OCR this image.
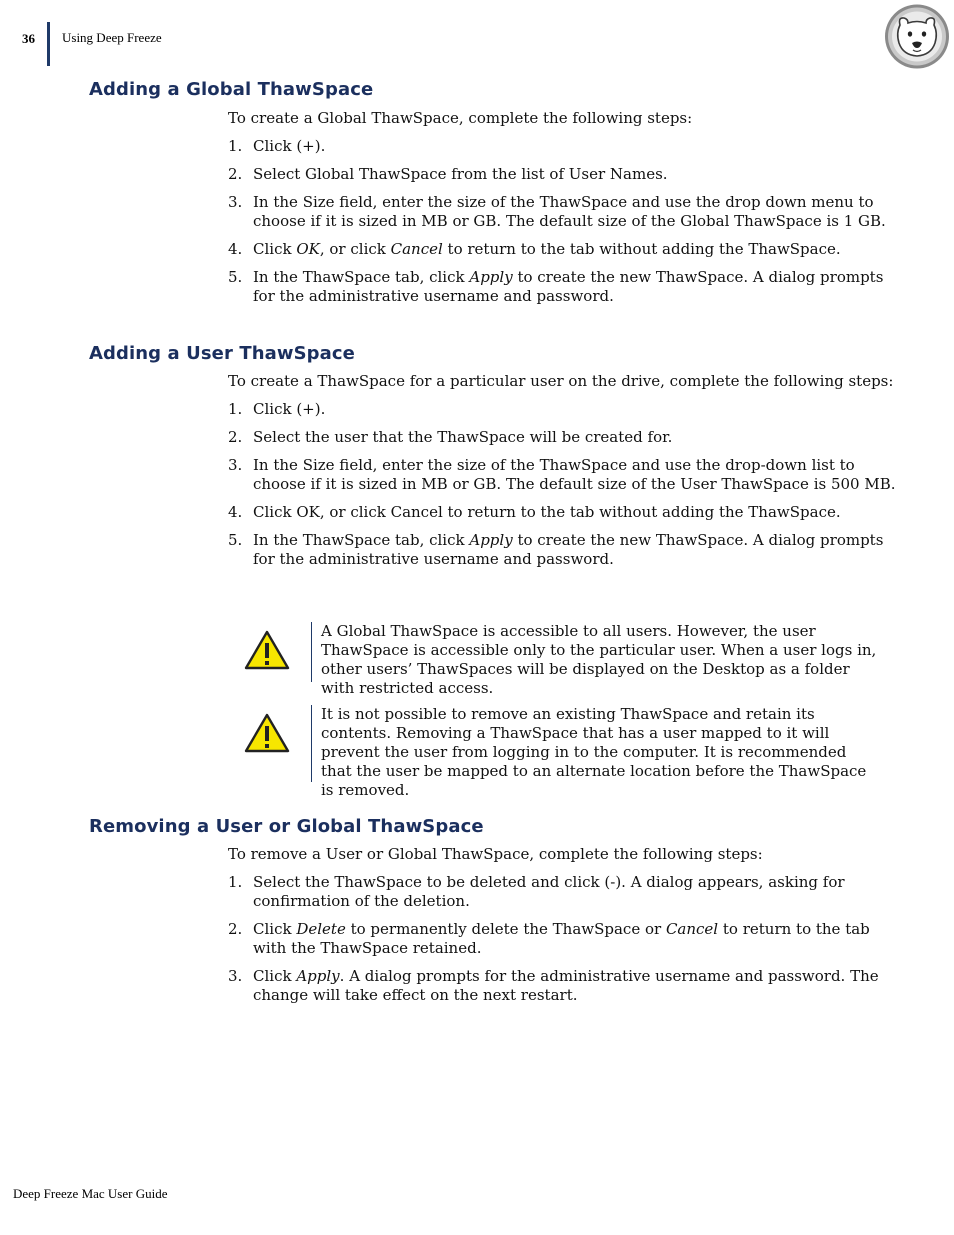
36 Using Deep Freeze
Adding a Global ThawSpace

To create a Global ThawSpace, complete the following steps:

1. Click (+).
2. Select Global ThawSpace from the list of User Names.
3. In the Size field, enter the size of the ThawSpace and use the drop down menu to choose if it is sized in MB or GB. The default size of the Global ThawSpace is 1 GB.
4. Click OK, or click Cancel to return to the tab without adding the ThawSpace.
5. In the ThawSpace tab, click Apply to create the new ThawSpace. A dialog prompts for the administrative username and password.
Adding a User ThawSpace

To create a ThawSpace for a particular user on the drive, complete the following steps:

1. Click (+).
2. Select the user that the ThawSpace will be created for.
3. In the Size field, enter the size of the ThawSpace and use the drop-down list to choose if it is sized in MB or GB. The default size of the User ThawSpace is 500 MB.
4. Click OK, or click Cancel to return to the tab without adding the ThawSpace.
5. In the ThawSpace tab, click Apply to create the new ThawSpace. A dialog prompts for the administrative username and password.
A Global ThawSpace is accessible to all users. However, the user ThawSpace is accessible only to the particular user. When a user logs in, other users’ ThawSpaces will be displayed on the Desktop as a folder with restricted access.
It is not possible to remove an existing ThawSpace and retain its contents. Removing a ThawSpace that has a user mapped to it will prevent the user from logging in to the computer. It is recommended that the user be mapped to an alternate location before the ThawSpace is removed.
Removing a User or Global ThawSpace

To remove a User or Global ThawSpace, complete the following steps:

1. Select the ThawSpace to be deleted and click (-). A dialog appears, asking for confirmation of the deletion.
2. Click Delete to permanently delete the ThawSpace or Cancel to return to the tab with the ThawSpace retained.
3. Click Apply. A dialog prompts for the administrative username and password. The change will take effect on the next restart.
Deep Freeze Mac User Guide
